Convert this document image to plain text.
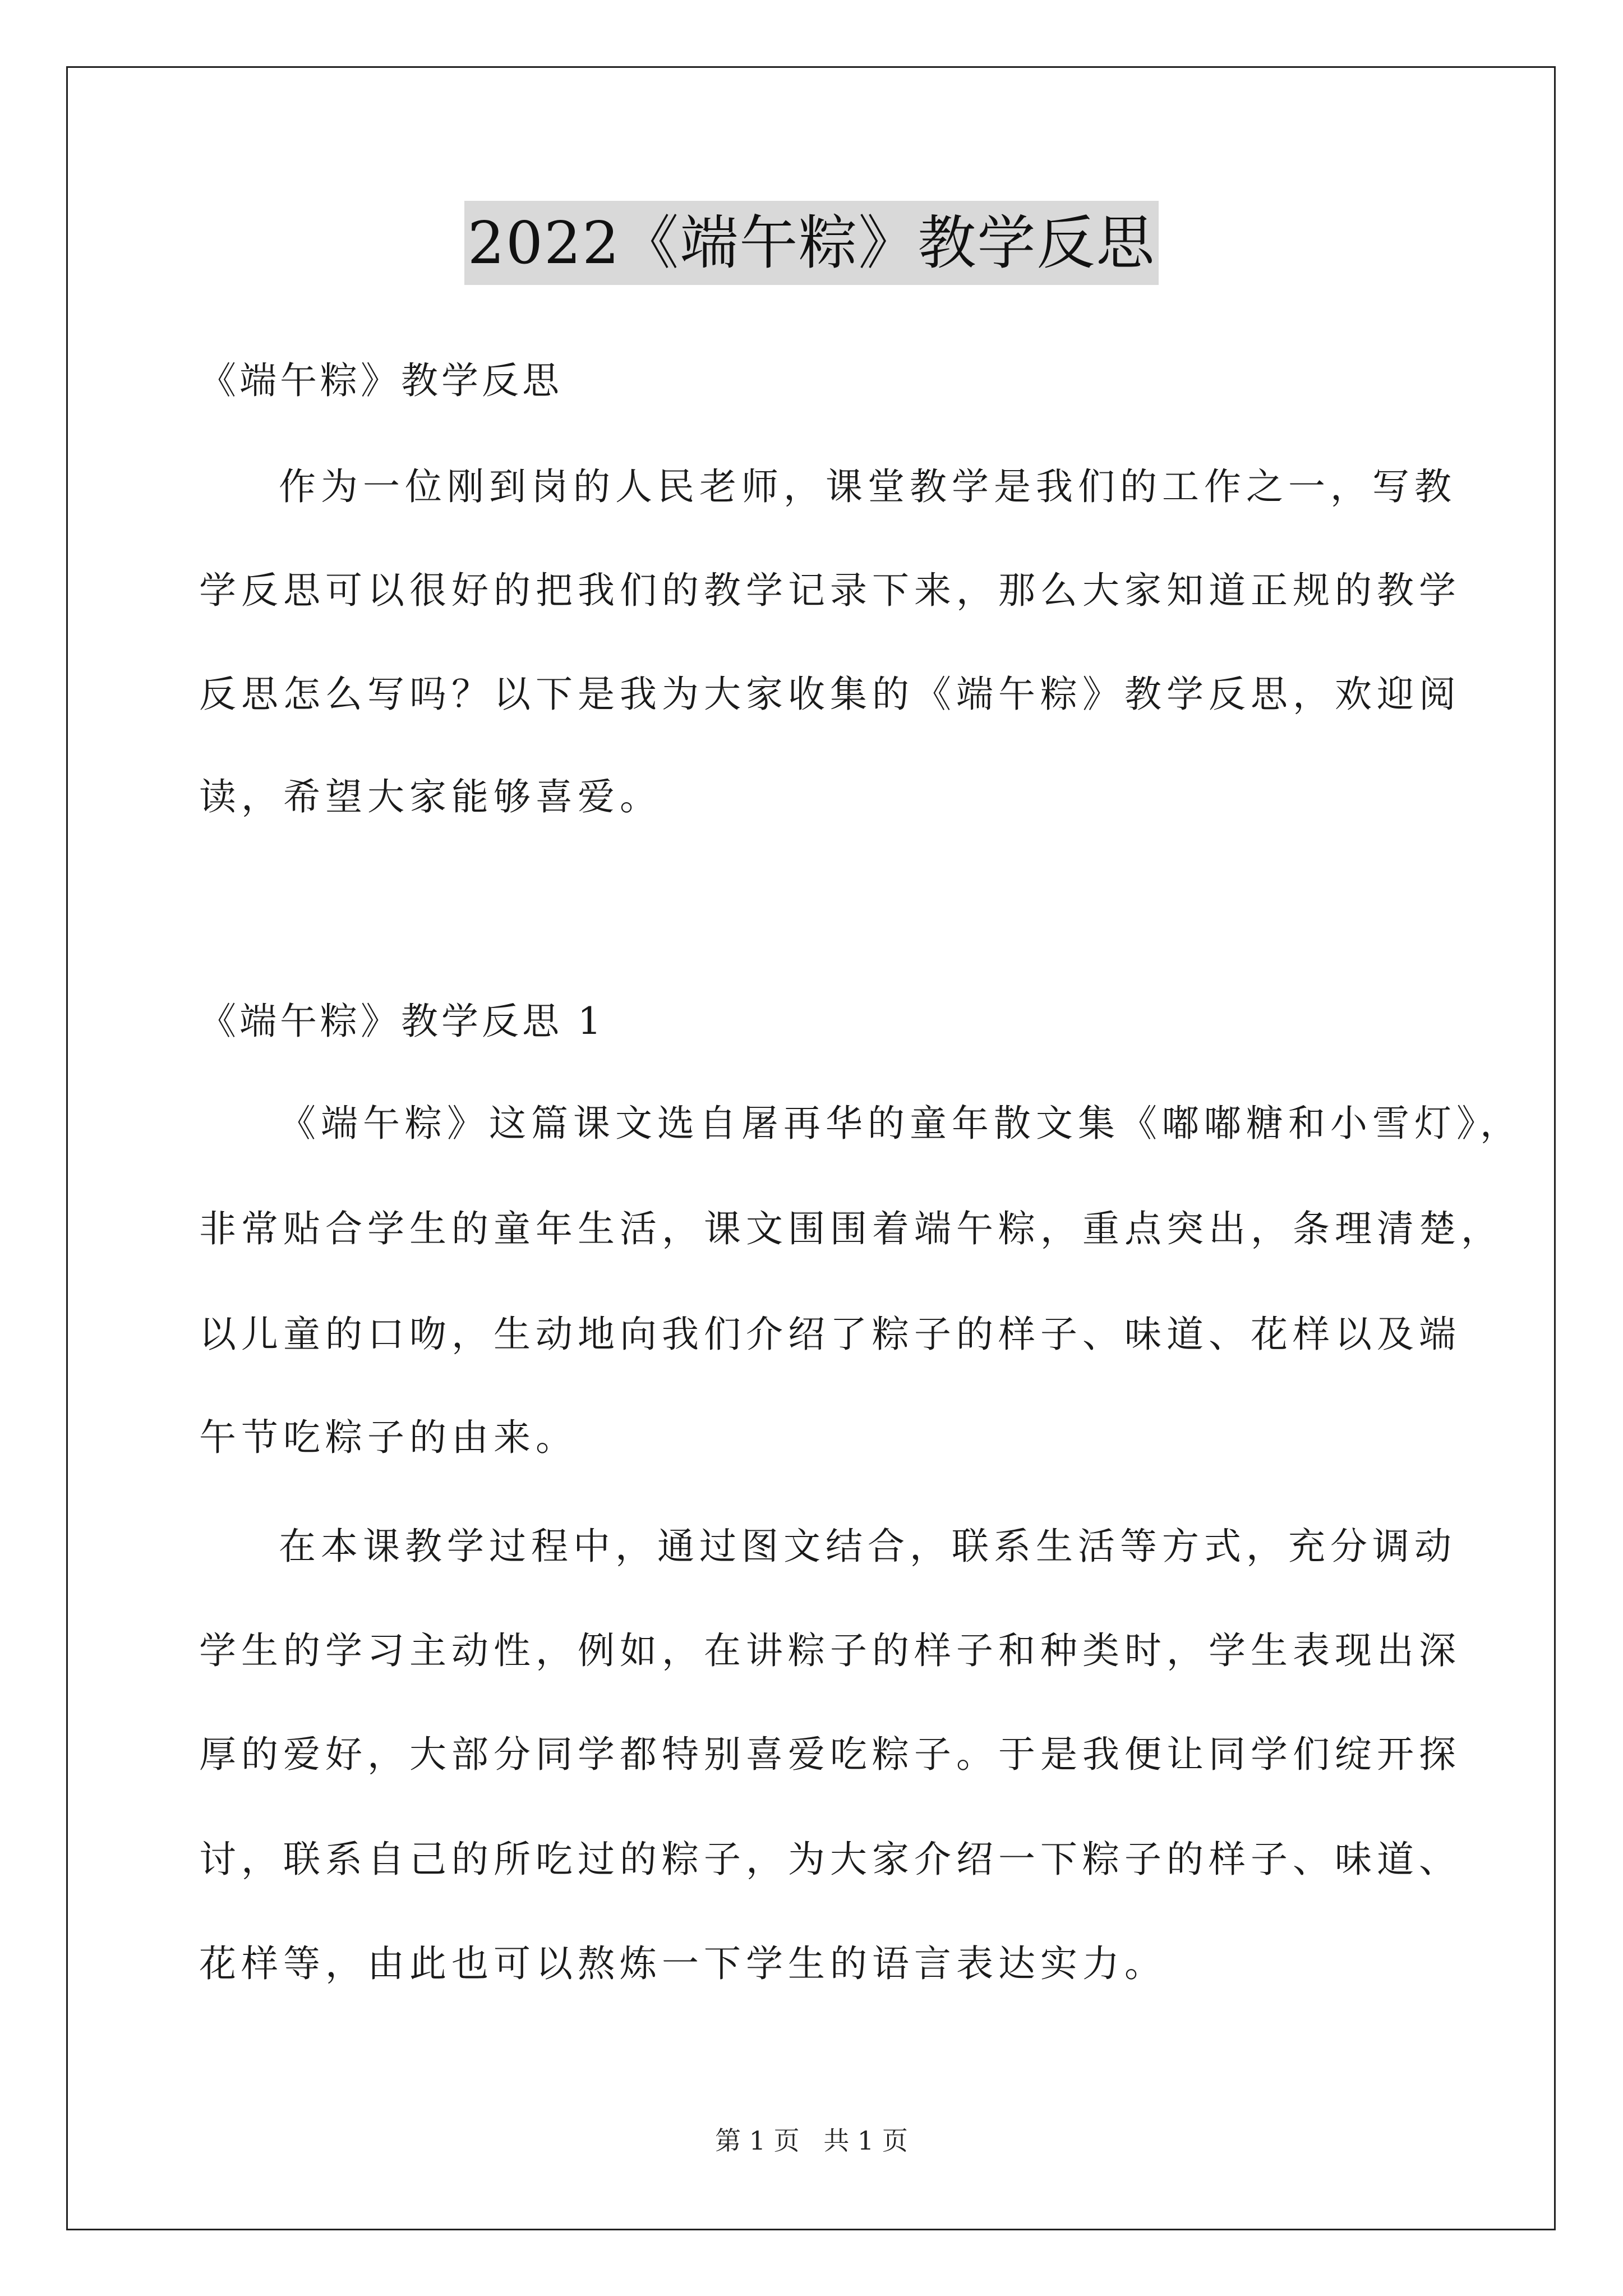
2022《端午粽》教学反思
《端午粽》教学反思
作为一位刚到岗的人民老师，课堂教学是我们的工作之一，写教
学反思可以很好的把我们的教学记录下来，那么大家知道正规的教学
反思怎么写吗？以下是我为大家收集的《端午粽》教学反思，欢迎阅
读，希望大家能够喜爱。
《端午粽》教学反思 1
《端午粽》这篇课文选自屠再华的童年散文集《嘟嘟糖和小雪灯》，
非常贴合学生的童年生活，课文围围着端午粽，重点突出，条理清楚，
以儿童的口吻，生动地向我们介绍了粽子的样子、味道、花样以及端
午节吃粽子的由来。
在本课教学过程中，通过图文结合，联系生活等方式，充分调动
学生的学习主动性，例如，在讲粽子的样子和种类时，学生表现出深
厚的爱好，大部分同学都特别喜爱吃粽子。于是我便让同学们绽开探
讨，联系自己的所吃过的粽子，为大家介绍一下粽子的样子、味道、
花样等，由此也可以熬炼一下学生的语言表达实力。
第 1 页 共 1 页
